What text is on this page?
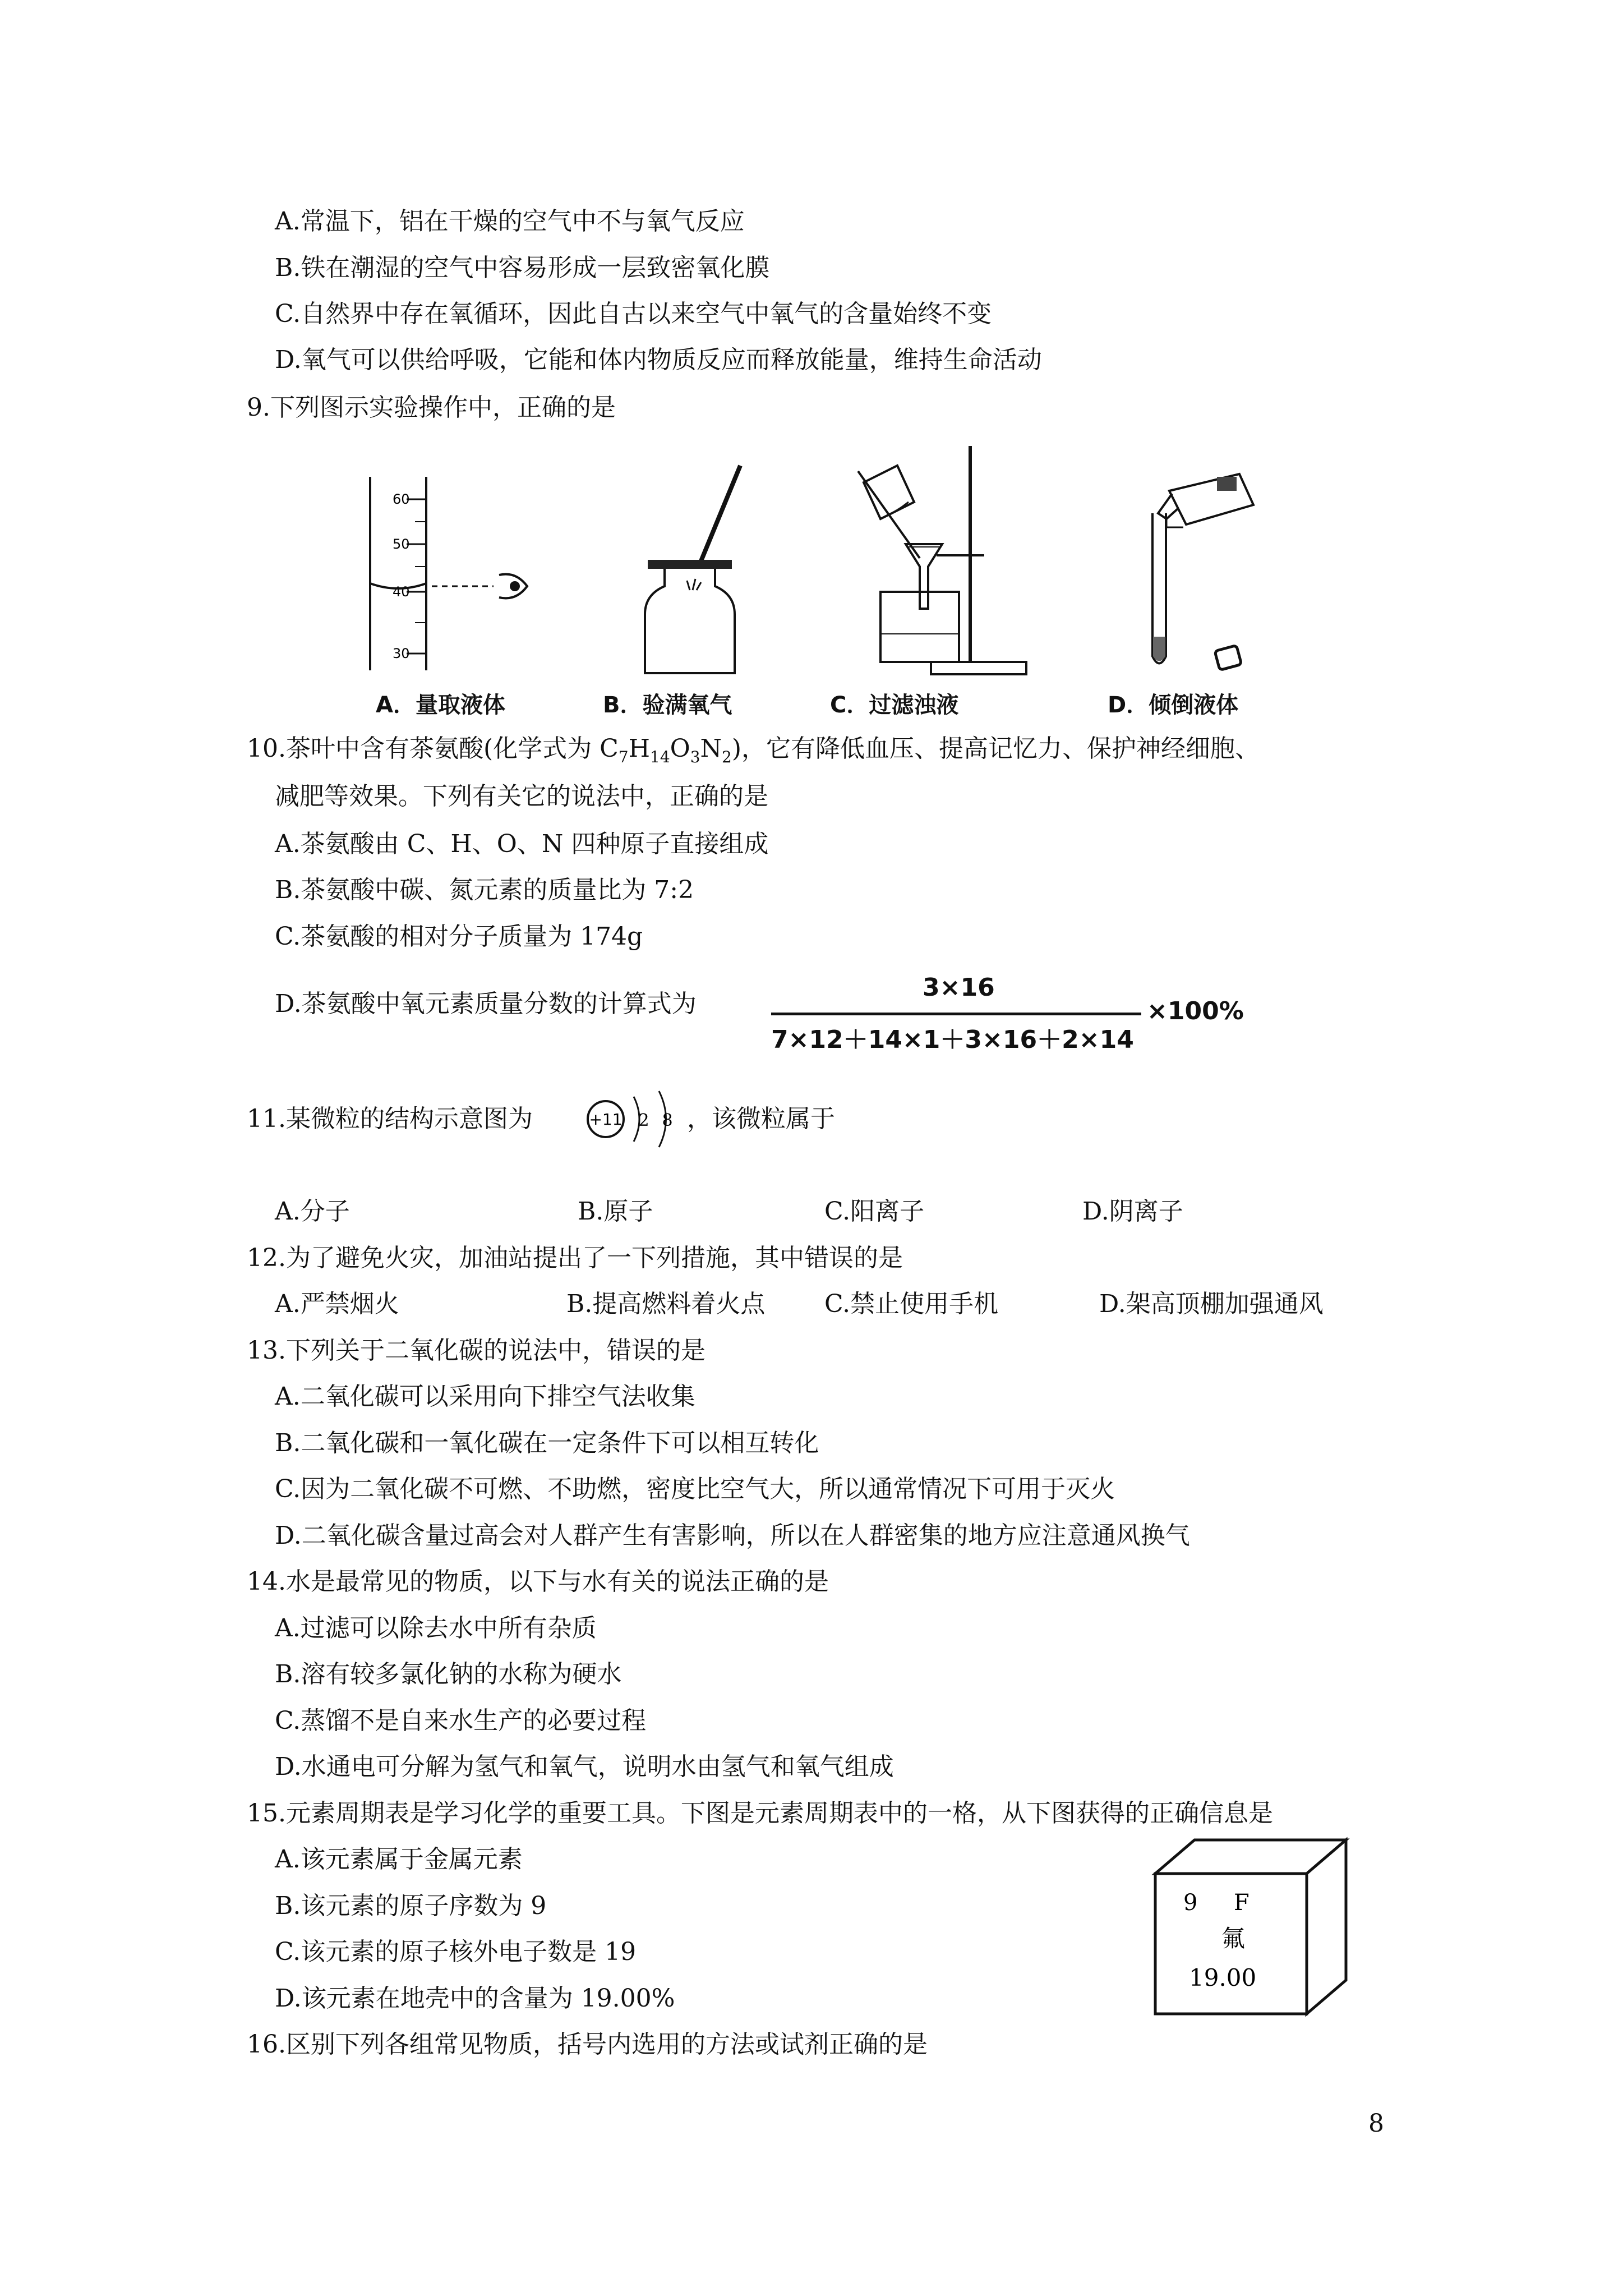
A.常温下，铝在干燥的空气中不与氧气反应
B.铁在潮湿的空气中容易形成一层致密氧化膜
C.自然界中存在氧循环，因此自古以来空气中氧气的含量始终不变
D.氧气可以供给呼吸，它能和体内物质反应而释放能量，维持生命活动
9.下列图示实验操作中，正确的是
60
50
40
30
A．量取液体	B．验满氧气	C．过滤浊液	D．倾倒液体
10.茶叶中含有茶氨酸(化学式为 $C_7H_{14}O_3N_2$)，它有降低血压、提高记忆力、保护神经细胞、
减肥等效果。下列有关它的说法中，正确的是
A.茶氨酸由 C、H、O、N 四种原子直接组成
B.茶氨酸中碳、氮元素的质量比为 7:2
C.茶氨酸的相对分子质量为 174g
D.茶氨酸中氧元素质量分数的计算式为
3×16
7×12＋14×1＋3×16＋2×14
×100%
11.某微粒的结构示意图为	+11 2 8 ，该微粒属于
A.分子	B.原子	C.阳离子	D.阴离子
12.为了避免火灾，加油站提出了一下列措施，其中错误的是
A.严禁烟火	B.提高燃料着火点 C.禁止使用手机	D.架高顶棚加强通风
13.下列关于二氧化碳的说法中，错误的是
A.二氧化碳可以采用向下排空气法收集
B.二氧化碳和一氧化碳在一定条件下可以相互转化
C.因为二氧化碳不可燃、不助燃，密度比空气大，所以通常情况下可用于灭火
D.二氧化碳含量过高会对人群产生有害影响，所以在人群密集的地方应注意通风换气
14.水是最常见的物质，以下与水有关的说法正确的是
A.过滤可以除去水中所有杂质
B.溶有较多氯化钠的水称为硬水
C.蒸馏不是自来水生产的必要过程
D.水通电可分解为氢气和氧气，说明水由氢气和氧气组成
15.元素周期表是学习化学的重要工具。下图是元素周期表中的一格，从下图获得的正确信息是
A.该元素属于金属元素
B.该元素的原子序数为 9
C.该元素的原子核外电子数是 19
D.该元素在地壳中的含量为 19.00%
9 F
氟
19.00
16.区别下列各组常见物质，括号内选用的方法或试剂正确的是
8
